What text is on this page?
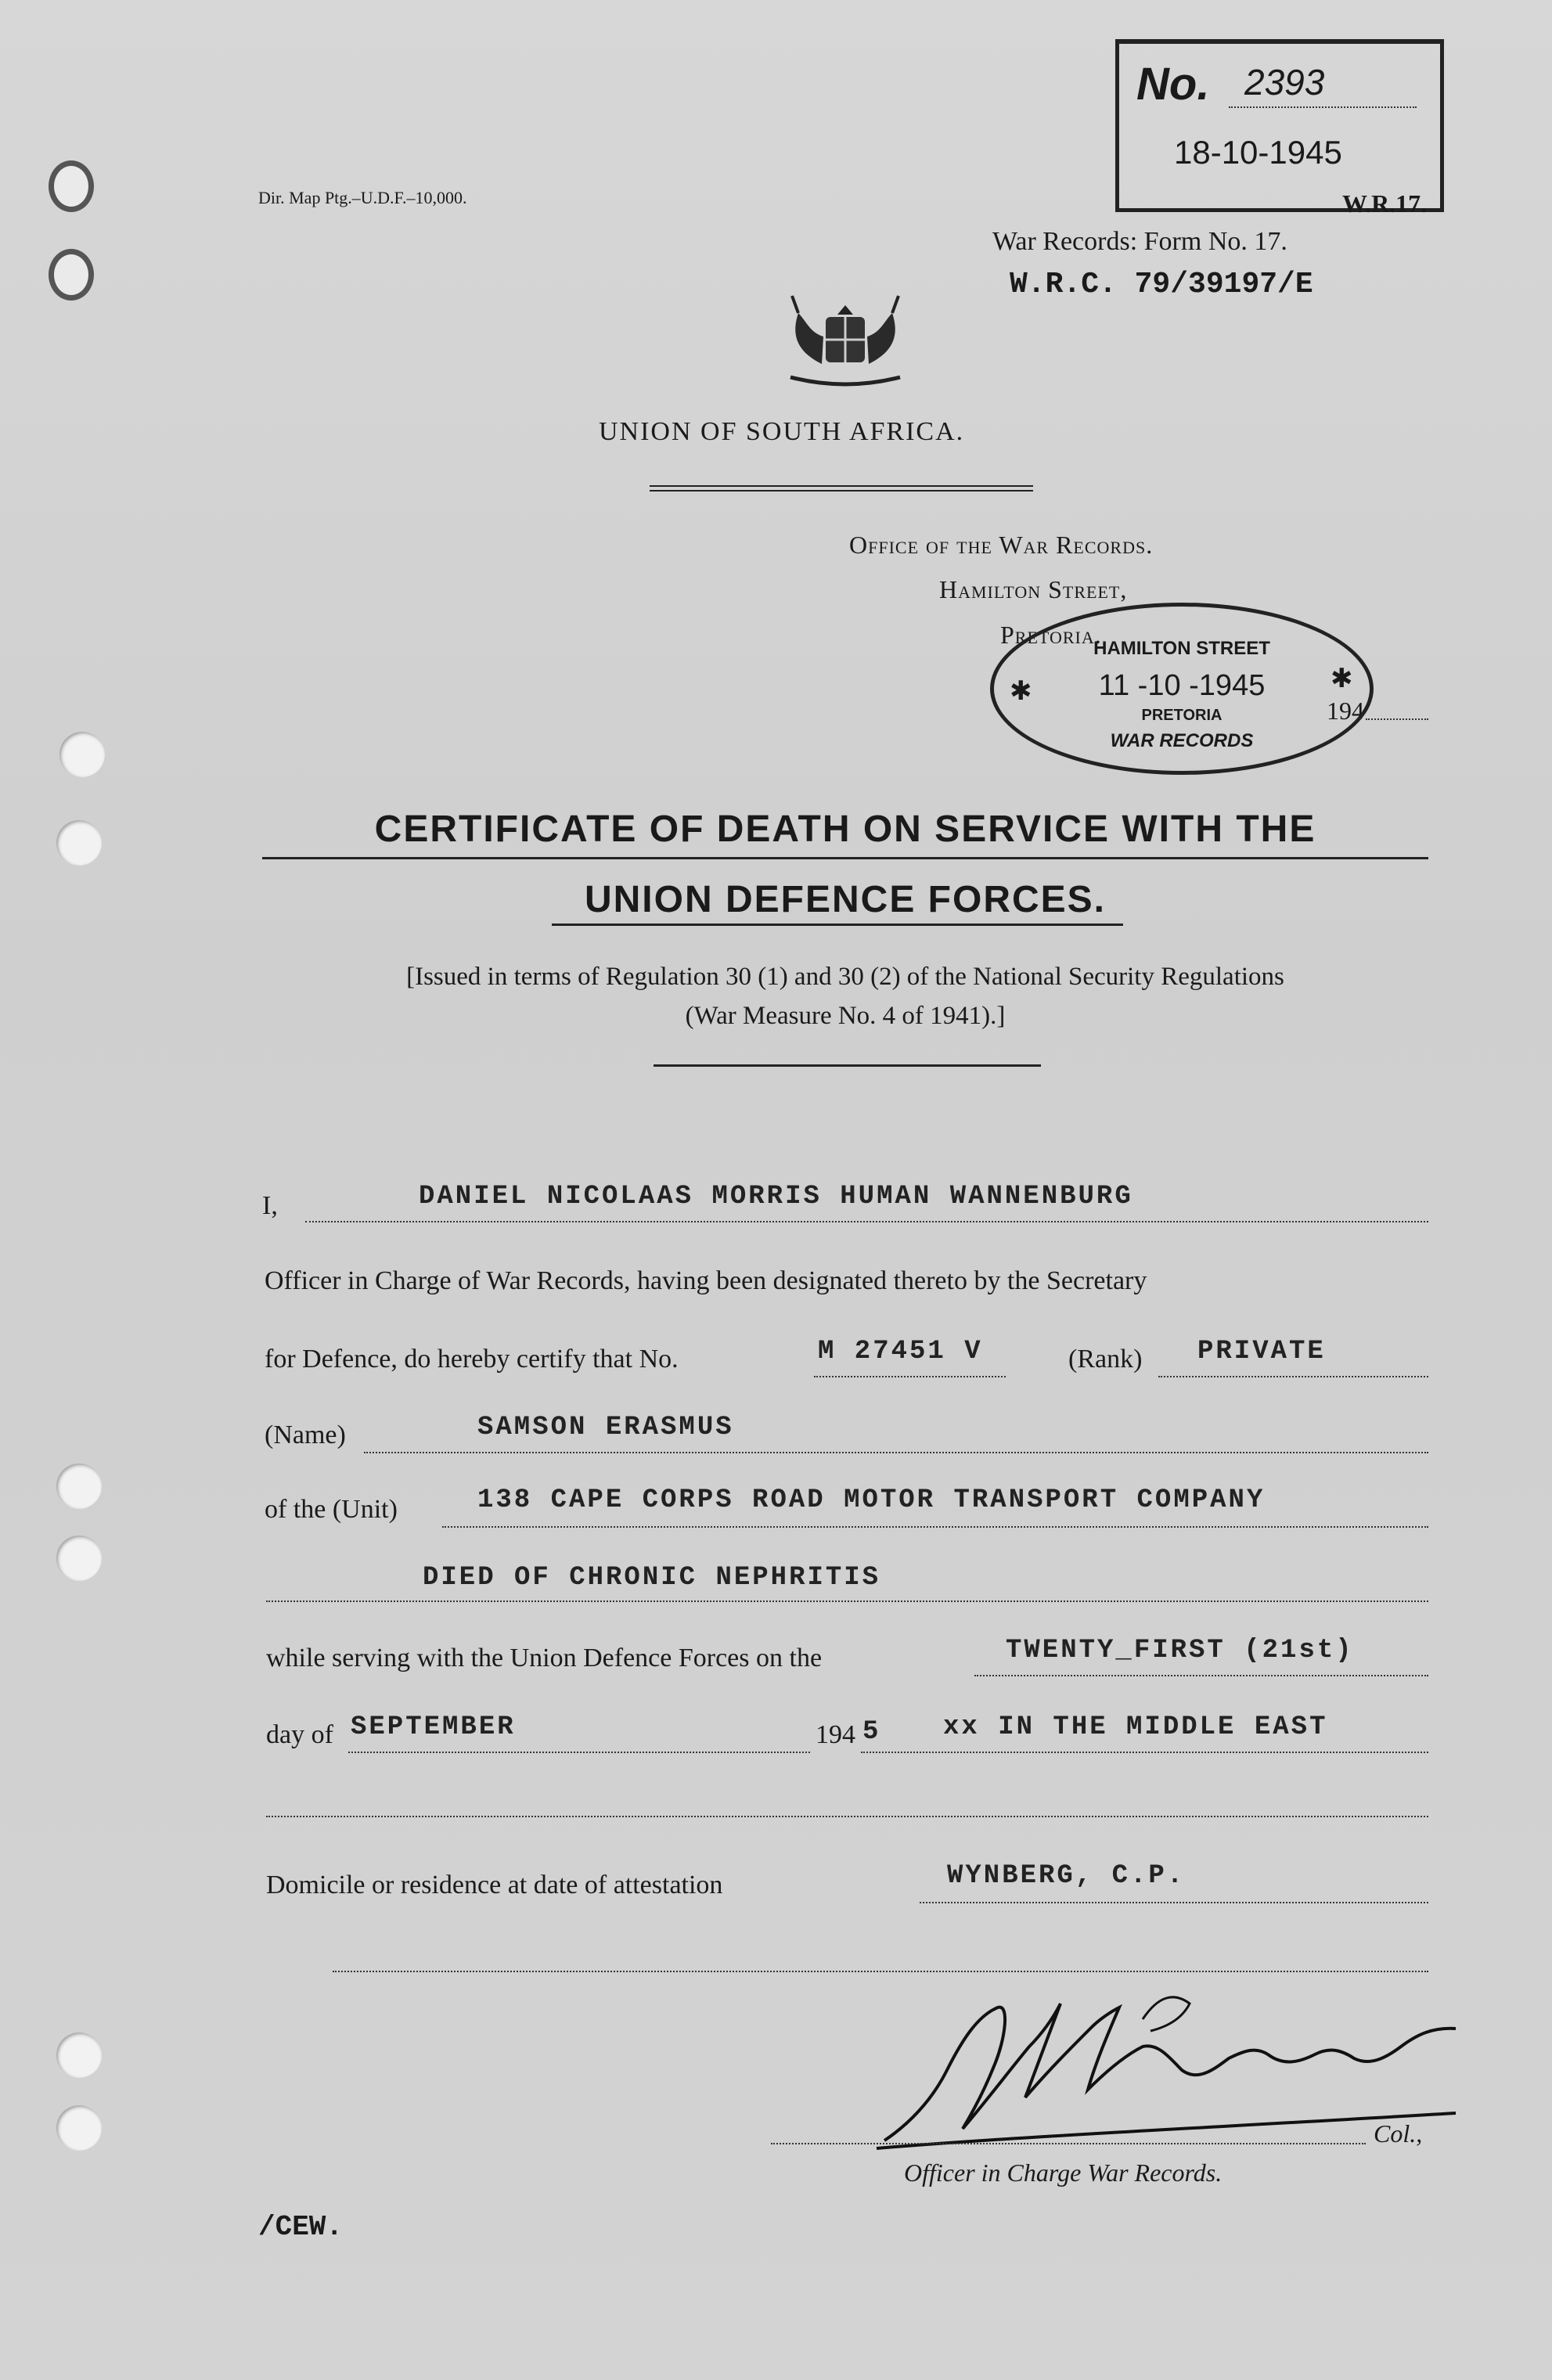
Dir. Map Ptg.–U.D.F.–10,000.
No. 2393
18-10-1945
W.R.17.
War Records: Form No. 17.
W.R.C. 79/39197/E
UNION OF SOUTH AFRICA.
Office of the War Records.
Hamilton Street,
Pretoria.
194
HAMILTON STREET
11 -10 -1945
PRETORIA
WAR RECORDS
✱	✱
CERTIFICATE OF DEATH ON SERVICE WITH THE
UNION DEFENCE FORCES.
[Issued in terms of Regulation 30 (1) and 30 (2) of the National Security Regulations
(War Measure No. 4 of 1941).]
I,	DANIEL NICOLAAS MORRIS HUMAN WANNENBURG
Officer in Charge of War Records, having been designated thereto by the Secretary
for Defence, do hereby certify that No.	M 27451 V	(Rank) PRIVATE
(Name)	SAMSON ERASMUS
of the (Unit)	138 CAPE CORPS ROAD MOTOR TRANSPORT COMPANY
DIED OF CHRONIC NEPHRITIS
while serving with the Union Defence Forces on the	TWENTY_FIRST (21st)
day of SEPTEMBER	194 5 xx IN THE MIDDLE EAST
Domicile or residence at date of attestation	WYNBERG, C.P.
Col.,
Officer in Charge War Records.
/CEW.
